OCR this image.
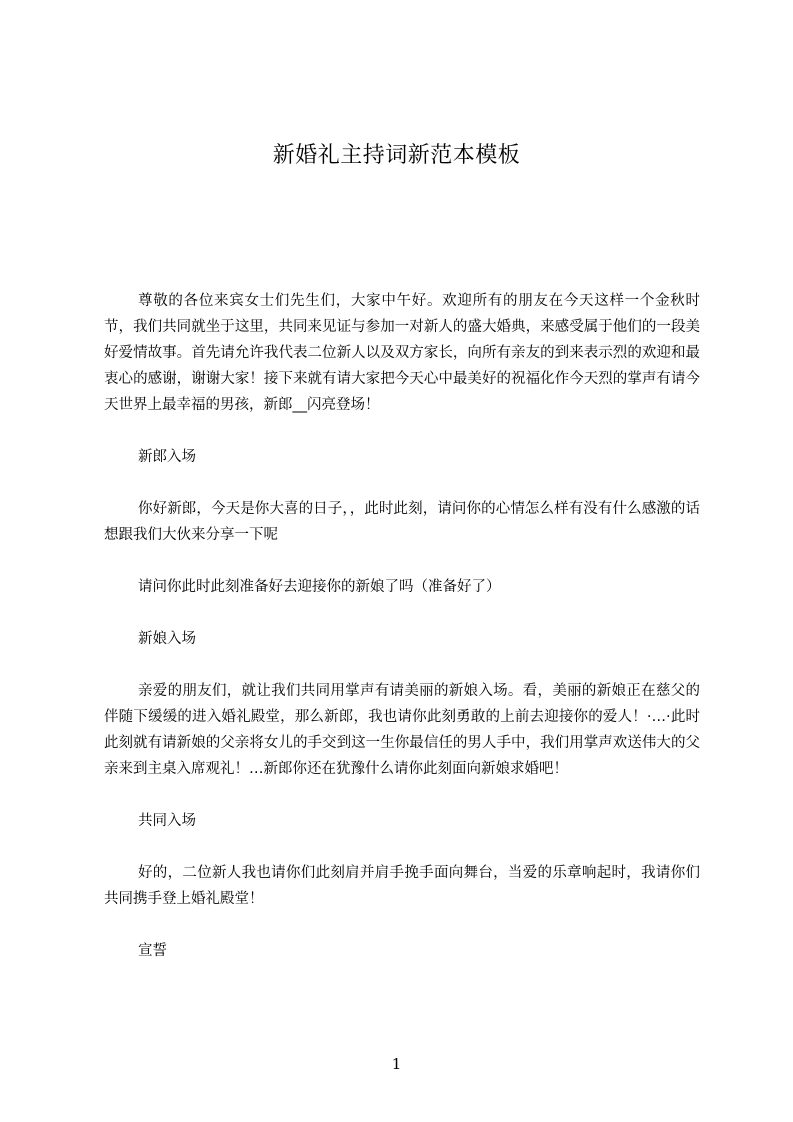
新婚礼主持词新范本模板

尊敬的各位来宾女士们先生们，大家中午好。欢迎所有的朋友在今天这样一个金秋时节，我们共同就坐于这里，共同来见证与参加一对新人的盛大婚典，来感受属于他们的一段美好爱情故事。首先请允许我代表二位新人以及双方家长，向所有亲友的到来表示烈的欢迎和最衷心的感谢，谢谢大家！接下来就有请大家把今天心中最美好的祝福化作今天烈的掌声有请今天世界上最幸福的男孩，新郎__闪亮登场！

新郎入场

你好新郎，今天是你大喜的日子，，此时此刻，请问你的心情怎么样有没有什么感激的话想跟我们大伙来分享一下呢

请问你此时此刻准备好去迎接你的新娘了吗（准备好了）

新娘入场

亲爱的朋友们，就让我们共同用掌声有请美丽的新娘入场。看，美丽的新娘正在慈父的伴随下缓缓的进入婚礼殿堂，那么新郎，我也请你此刻勇敢的上前去迎接你的爱人！·…·此时此刻就有请新娘的父亲将女儿的手交到这一生你最信任的男人手中，我们用掌声欢送伟大的父亲来到主桌入席观礼！…新郎你还在犹豫什么请你此刻面向新娘求婚吧！

共同入场

好的，二位新人我也请你们此刻肩并肩手挽手面向舞台，当爱的乐章响起时，我请你们共同携手登上婚礼殿堂！

宣誓

1
